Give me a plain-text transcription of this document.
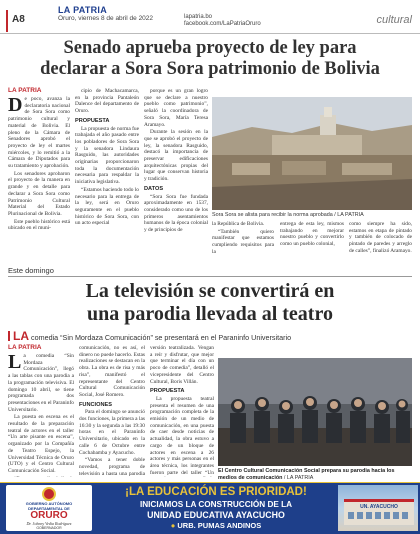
A8
LA PATRIA
Oruro, viernes 8 de abril de 2022	lapatria.bo
facebook.com/LaPatriaOruro	cultural
Senado aprueba proyecto de ley para
declarar a Sora Sora patrimonio de Bolivia
LA PATRIA

De poco, avanza la declaratoria nacional de Sora Sora como patrimonio cultural y material de Bolivia. El pleno de la Cámara de Senadores aprobó el proyecto de ley el martes miércoles, y lo remitió a la Cámara de Diputados para su tratamiento y aprobación.

Los senadores aprobaron el proyecto de la manera en grande y en detalle para declarar a Sora Sora como Patrimonio Cultural Material del Estado Plurinacional de Bolivia.

Este pueblo histórico está ubicado en el muni-

cipio de Machacamarca, en la provincia Pantaleón Dalence del departamento de Oruro.

PROPUESTA

La propuesta de norma fue trabajada el año pasado entre los pobladores de Sora Sora y la senadora Lindaura Rasguido, las autoridades originarias proporcionaron toda la documentación necesaria para respaldar la iniciativa legislativa.

“Estamos haciendo todo lo necesario para la entrega de la ley, será en Oruro seguramente en el pueblo histórico de Sora Sora, con un acto especial

porque es un gran logro que se declare a nuestro pueblo como patrimonio”, señaló la coordinadora de Sora Sora, María Teresa Aramayo.

Durante la sesión en la que se aprobó el proyecto de ley, la senadora Rasguido, destacó la importancia de preservar edificaciones arquitectónicas propias del lugar que conservan historia y tradición.

DATOS

“Sora Sora fue fundada aproximadamente en 1537, considerado como uno de los primeros asentamientos humanos de la época colonial y de principios de

Sora Sora se alista para recibir la norma aprobada / LA PATRIA

la República de Bolivia.

“También quiero manifestar que estamos cumpliendo requisitos para la

entrega de esta ley, mismos trabajando en mejorar nuestro pueblo y convertirlo como un pueblo colonial,

como siempre ha sido, estamos en etapa de pintado y también de colocado de pintado de paredes y arreglo de calles”, finalizó Aramayo.

Este domingo
La televisión se convertirá en
una parodia llevada al teatro
LA comedia “Sin Mordaza Comunicación” se presentará en el Paraninfo Universitario
LA PATRIA

La comedia “Sin Mordaza Comunicación”, llegó a las tablas con una parodia a la programación televisiva. El domingo 10 abril, se tiene programada dos presentaciones en el Paraninfo Universitario.

La puesta en escena es el resultado de la preparación teatral de actores en el taller “Un arte pisante en escena”, organizado por la Compañía de Teatro Espejo, la Universidad Técnica de Oruro (UTO) y el Centro Cultural Comunicación Social.

comunicación, no es así, el dinero no puede hacerlo. Estas realizaciones se destacan en la obra. La obra es de risa y más risa”, manifestó el representante del Centro Cultural Comunicación Social, José Romero.

FUNCIONES

Para el domingo se anunció dos funciones, la primera a las 16:30 y la segunda a las 19:30 horas en el Paraninfo Universitario, ubicado en la calle 6 de Octubre entre Cochabamba y Ayacucho.

“Vamos a tener doble novedad, programa de televisión a hasta una parodia

versión teatralizada. Vengan a reír y disfrutar, que mejor que terminar el día con un poco de comedia”, detalló el vicepresidente del Centro Cultural, Boris Villán.

PROPUESTA

La propuesta teatral presenta el resumen de una programación completa de la emisión de un medio de comunicación, en una puesta de caer desde noticias de actualidad, la obra estuvo a cargo de un bloque de actores en escena a 26 actores y más personas en el área técnica, los integrantes fueron parte del taller “Un El Centro Cultural Comunicación Social prepara su parodia hacia los medios de comunicación / LA PATRIA
GOBIERNO AUTÓNOMO
DEPARTAMENTAL DE
ORURO
Dr. Johnny Vedia Rodríguez
GOBERNADOR
¡LA EDUCACIÓN ES PRIORIDAD!
INICIAMOS LA CONSTRUCCIÓN DE LA
UNIDAD EDUCATIVA AYACUCHO
● URB. PUMAS ANDINOS
UN. AYACUCHO
